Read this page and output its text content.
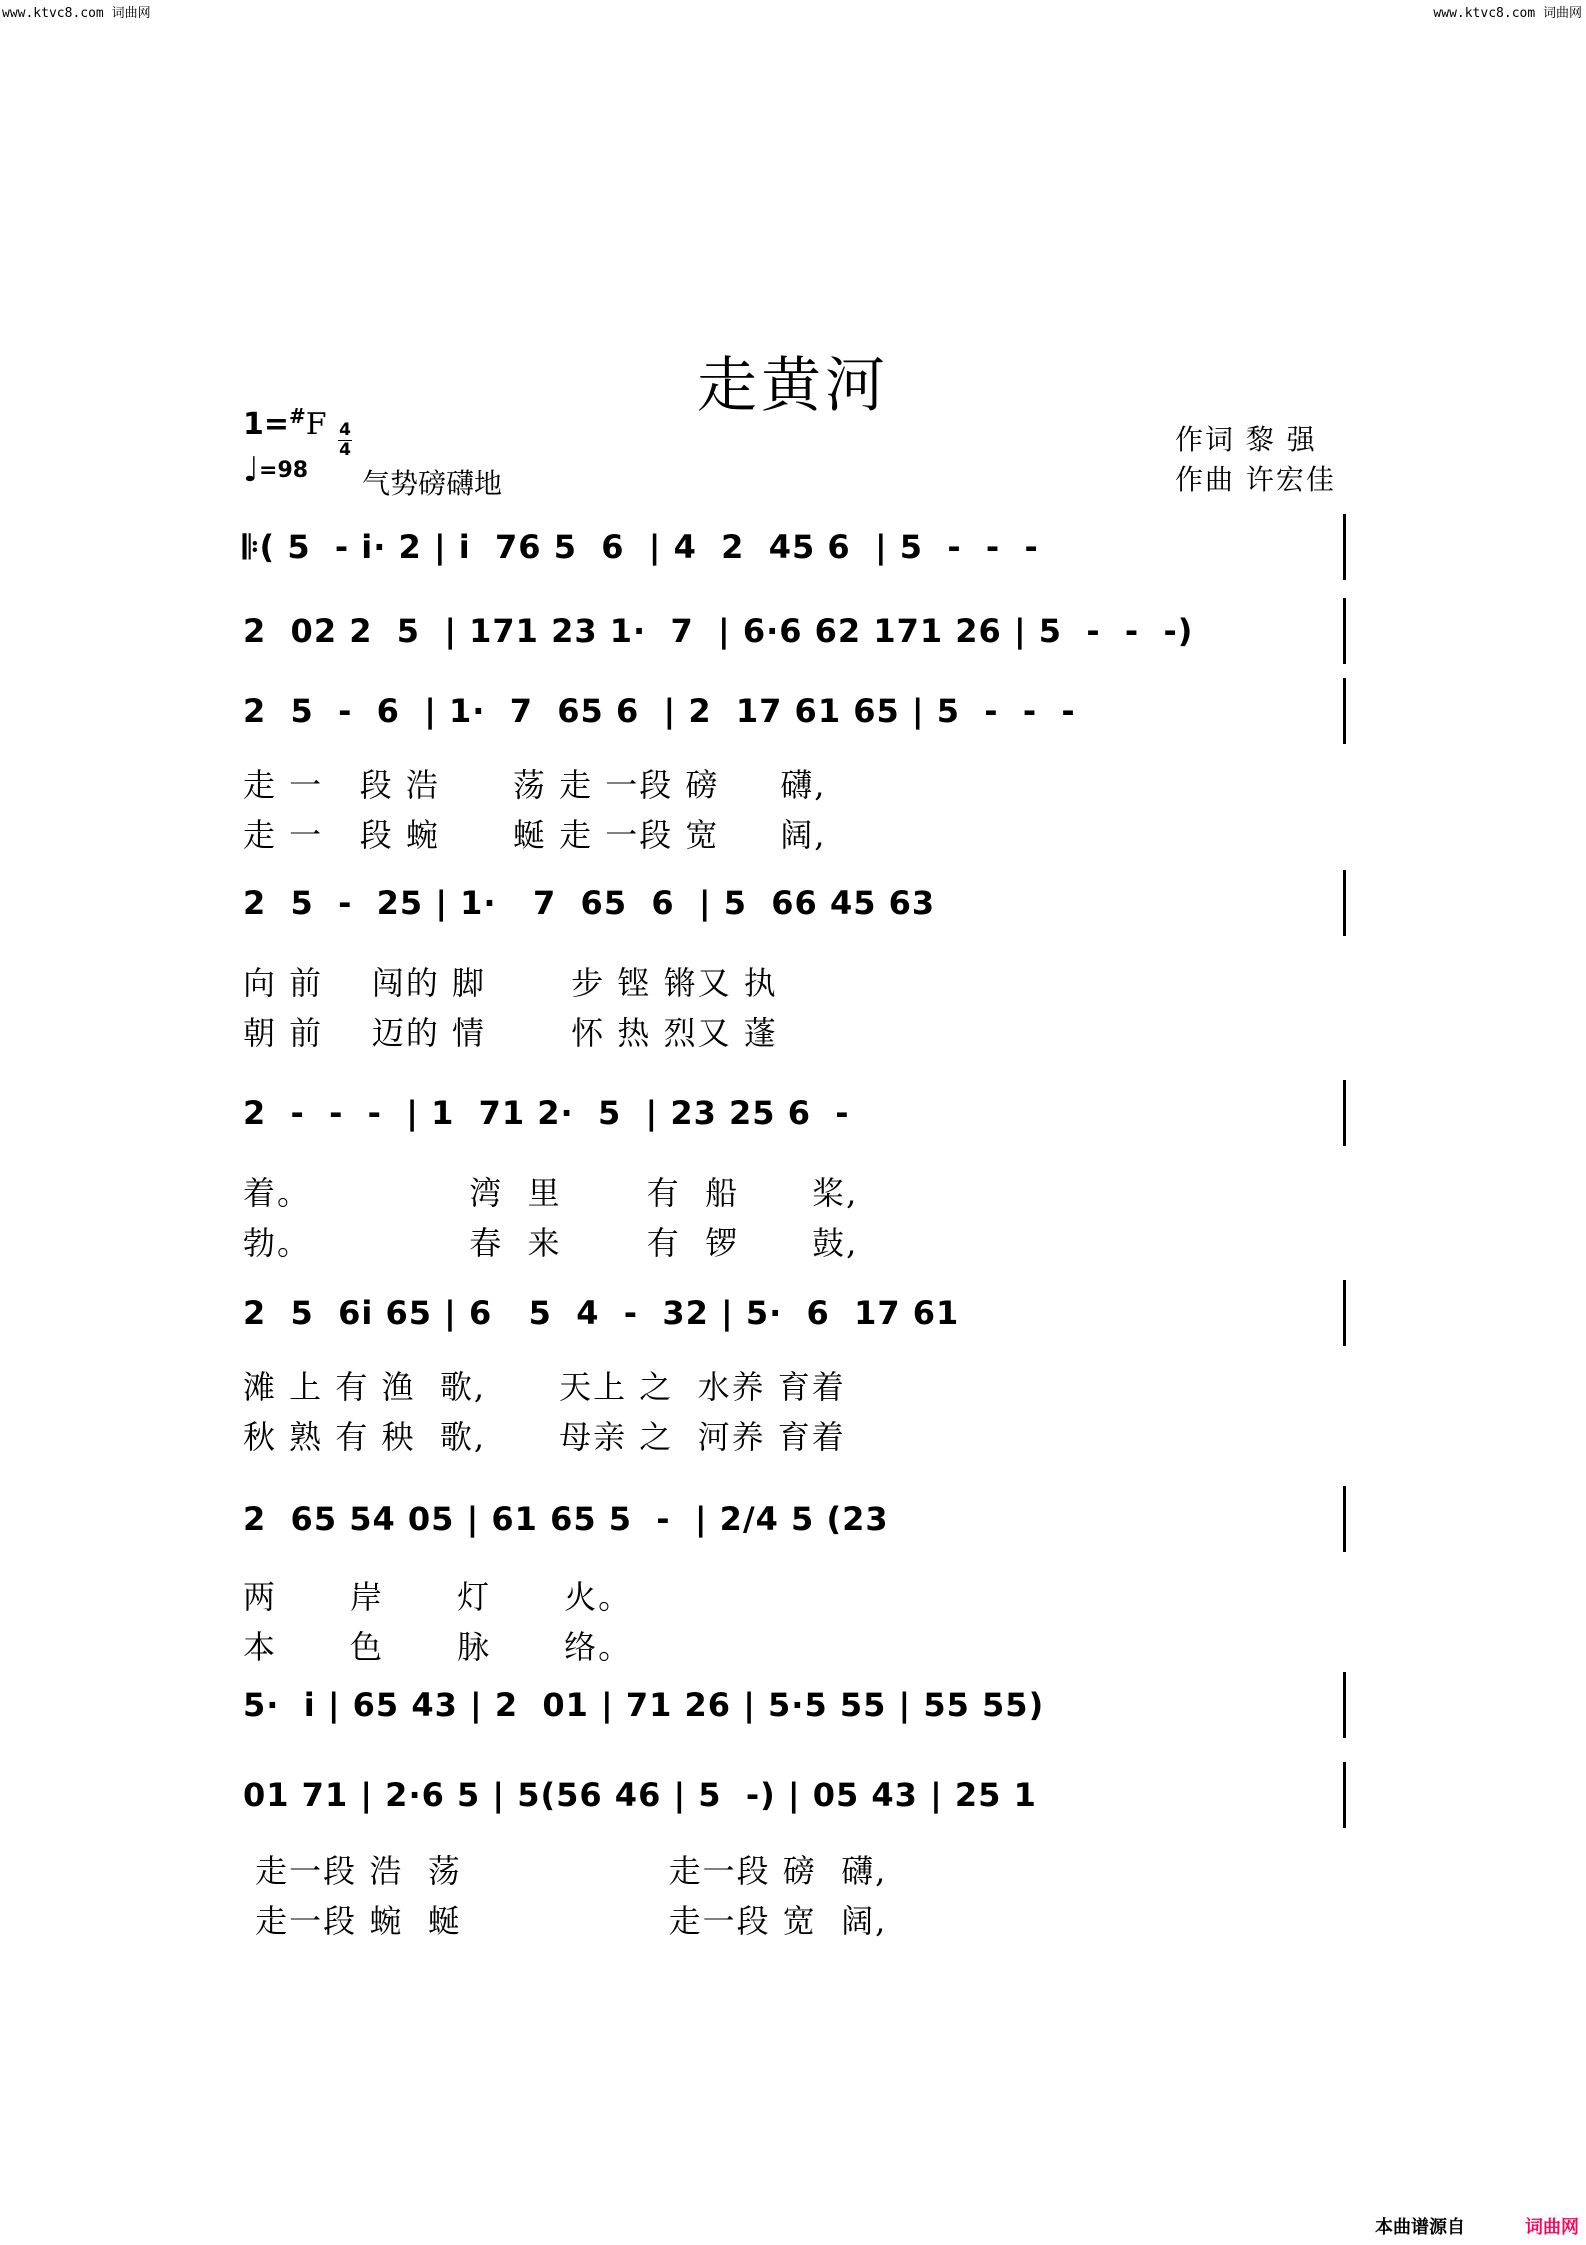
www.ktvc8.com 词曲网	www.ktvc8.com 词曲网
走黄河
1=#F 4
4
♩=98 气势磅礴地
作词 黎 强
作曲 许宏佳
𝄆( 5  - i· 2 | i  76 5  6  | 4  2  45 6  | 5  -  -  -
2  02 2  5  | 171 23 1·  7  | 6·6 62 171 26 | 5  -  -  -)
2  5  -  6  | 1·  7  65 6  | 2  17 61 65 | 5  -  -  -
走 一   段 浩      荡 走 一段 磅     礴,
走 一   段 蜿      蜒 走 一段 宽     阔,
2  5  -  25 | 1·   7  65  6  | 5  66 45 63
向 前    闯的 脚       步 铿 锵又 执
朝 前    迈的 情       怀 热 烈又 蓬
2  -  -  -  | 1  71 2·  5  | 23 25 6  -
着。             湾  里       有  船      桨,
勃。             春  来       有  锣      鼓,
2  5  6i 65 | 6   5  4  -  32 | 5·  6  17 61
滩 上 有 渔  歌,      天上 之  水养 育着
秋 熟 有 秧  歌,      母亲 之  河养 育着
2  65 54 05 | 61 65 5  -  | 2/4 5 (23
两      岸      灯      火。
本      色      脉      络。
5·  i | 65 43 | 2  01 | 71 26 | 5·5 55 | 55 55)
01 71 | 2·6 5 | 5(56 46 | 5  -) | 05 43 | 25 1
走一段 浩  荡                 走一段 磅  礴,
走一段 蜿  蜒                 走一段 宽  阔,
本曲谱源自	词曲网
